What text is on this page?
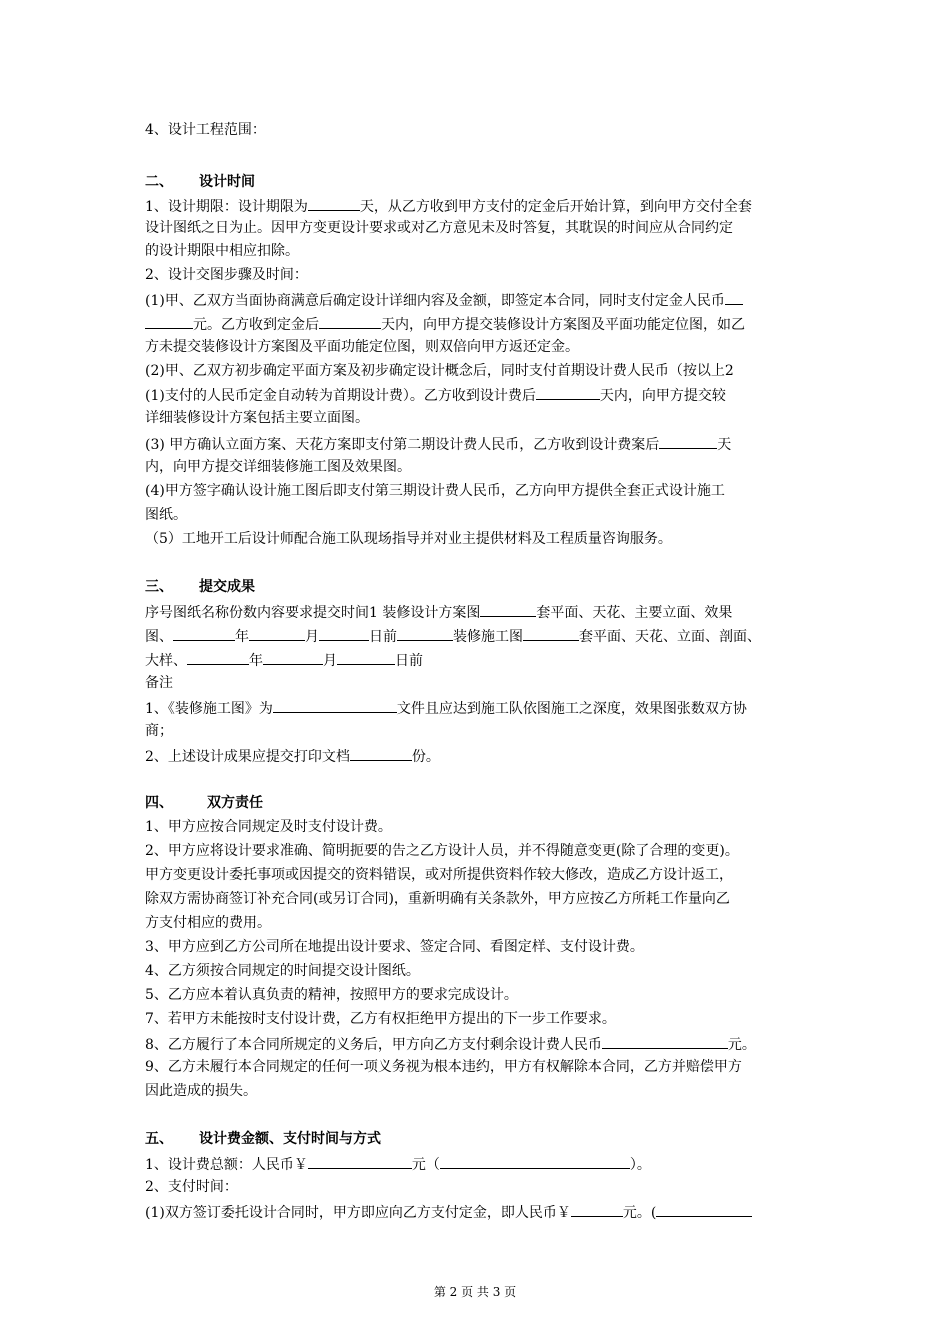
4、设计工程范围：
二、 设计时间
1、设计期限：设计期限为	天，从乙方收到甲方支付的定金后开始计算，到向甲方交付全套
设计图纸之日为止。因甲方变更设计要求或对乙方意见未及时答复，其耽误的时间应从合同约定
的设计期限中相应扣除。
2、设计交图步骤及时间：
(1)甲、乙双方当面协商满意后确定设计详细内容及金额，即签定本合同，同时支付定金人民币
元。乙方收到定金后	天内，向甲方提交装修设计方案图及平面功能定位图，如乙
方未提交装修设计方案图及平面功能定位图，则双倍向甲方返还定金。
(2)甲、乙双方初步确定平面方案及初步确定设计概念后，同时支付首期设计费人民币（按以上2
(1)支付的人民币定金自动转为首期设计费）。乙方收到设计费后	天内，向甲方提交较
详细装修设计方案包括主要立面图。
(3) 甲方确认立面方案、天花方案即支付第二期设计费人民币，乙方收到设计费案后	天
内，向甲方提交详细装修施工图及效果图。
(4)甲方签字确认设计施工图后即支付第三期设计费人民币，乙方向甲方提供全套正式设计施工
图纸。
（5）工地开工后设计师配合施工队现场指导并对业主提供材料及工程质量咨询服务。
三、 提交成果
序号图纸名称份数内容要求提交时间1 装修设计方案图	套平面、天花、主要立面、效果
图、	年	月	日前	装修施工图	套平面、天花、立面、剖面、
大样、	年	月	日前
备注
1、《装修施工图》为	文件且应达到施工队依图施工之深度，效果图张数双方协
商；
2、上述设计成果应提交打印文档	份。
四、 双方责任
1、甲方应按合同规定及时支付设计费。
2、甲方应将设计要求准确、简明扼要的告之乙方设计人员，并不得随意变更(除了合理的变更)。
甲方变更设计委托事项或因提交的资料错误，或对所提供资料作较大修改，造成乙方设计返工，
除双方需协商签订补充合同(或另订合同)，重新明确有关条款外，甲方应按乙方所耗工作量向乙
方支付相应的费用。
3、甲方应到乙方公司所在地提出设计要求、签定合同、看图定样、支付设计费。
4、乙方须按合同规定的时间提交设计图纸。
5、乙方应本着认真负责的精神，按照甲方的要求完成设计。
7、若甲方未能按时支付设计费，乙方有权拒绝甲方提出的下一步工作要求。
8、乙方履行了本合同所规定的义务后，甲方向乙方支付剩余设计费人民币	元。
9、乙方未履行本合同规定的任何一项义务视为根本违约，甲方有权解除本合同，乙方并赔偿甲方
因此造成的损失。
五、 设计费金额、支付时间与方式
1、设计费总额：人民币￥	元（	）。
2、支付时间：
(1)双方签订委托设计合同时，甲方即应向乙方支付定金，即人民币￥	元。(
第 2 页 共 3 页
